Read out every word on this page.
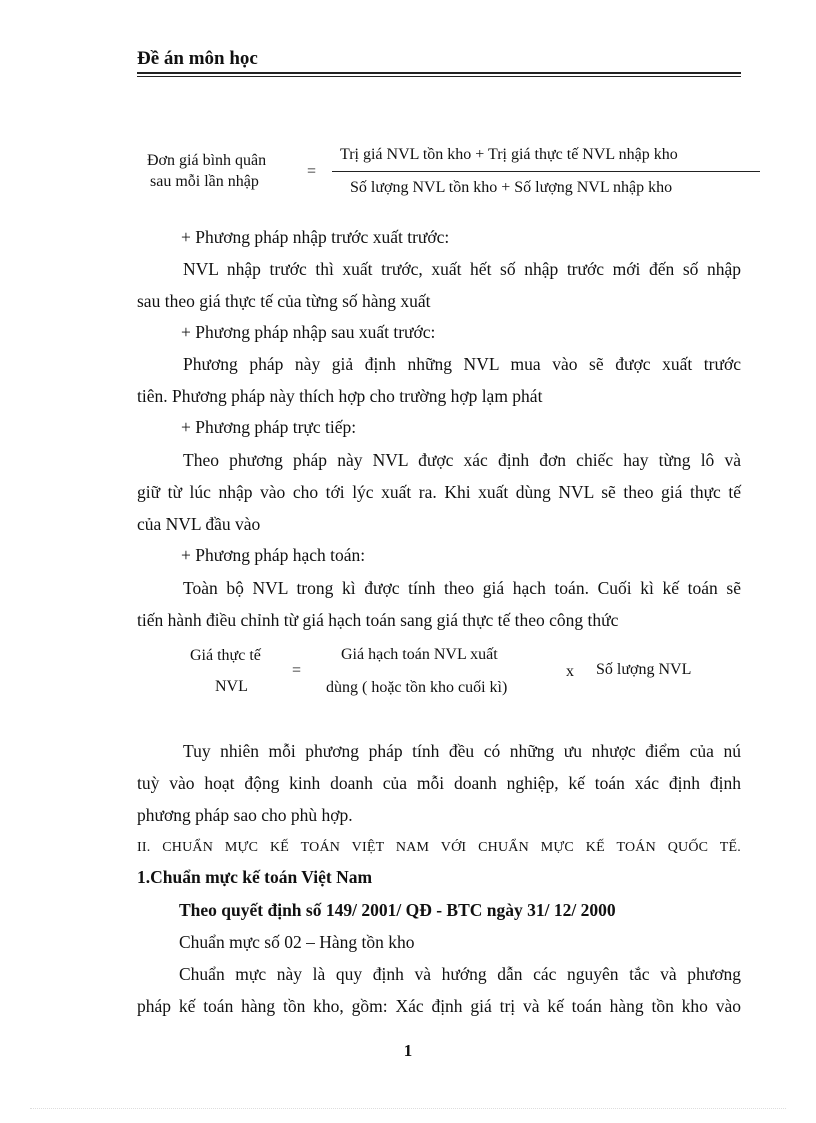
Đề án môn học
Đơn giá bình quân
sau mỗi lần nhập
=
Trị giá NVL tồn kho + Trị giá thực tế NVL nhập kho
Số lượng NVL tồn kho + Số lượng NVL nhập kho
+ Phương pháp nhập trước xuất trước:
NVL nhập trước thì xuất trước, xuất hết số nhập trước mới đến số nhập
sau theo giá thực tế của từng số hàng xuất
+ Phương pháp nhập sau xuất trước:
Phương pháp này giả định những NVL mua vào sẽ được xuất trước
tiên. Phương pháp này thích hợp cho trường hợp lạm phát
+ Phương pháp trực tiếp:
Theo phương pháp này NVL được xác định đơn chiếc hay từng lô và
giữ từ lúc nhập vào cho tới lýc xuất ra. Khi xuất dùng NVL sẽ theo giá thực tế
của NVL đầu vào
+ Phương pháp hạch toán:
Toàn bộ NVL trong kì được tính theo giá hạch toán. Cuối kì kế toán sẽ
tiến hành điều chỉnh từ giá hạch toán sang giá thực tế theo công thức
Giá thực tế
NVL
=
Giá hạch toán NVL xuất
dùng ( hoặc tồn kho cuối kì)
x Số lượng NVL
Tuy nhiên mỗi phương pháp tính đều có những ưu nhược điểm của nú
tuỳ vào hoạt động kinh doanh của mỗi doanh nghiệp, kế toán xác định định
phương pháp sao cho phù hợp.
II. CHUẨN MỰC KẾ TOÁN VIỆT NAM VỚI CHUẨN MỰC KẾ TOÁN QUỐC TẾ.
1.Chuẩn mực kế toán Việt Nam
Theo quyết định số 149/ 2001/ QĐ - BTC ngày 31/ 12/ 2000
Chuẩn mực số 02 – Hàng tồn kho
Chuẩn mực này là quy định và hướng dẫn các nguyên tắc và phương
pháp kế toán hàng tồn kho, gồm: Xác định giá trị và kế toán hàng tồn kho vào
1
